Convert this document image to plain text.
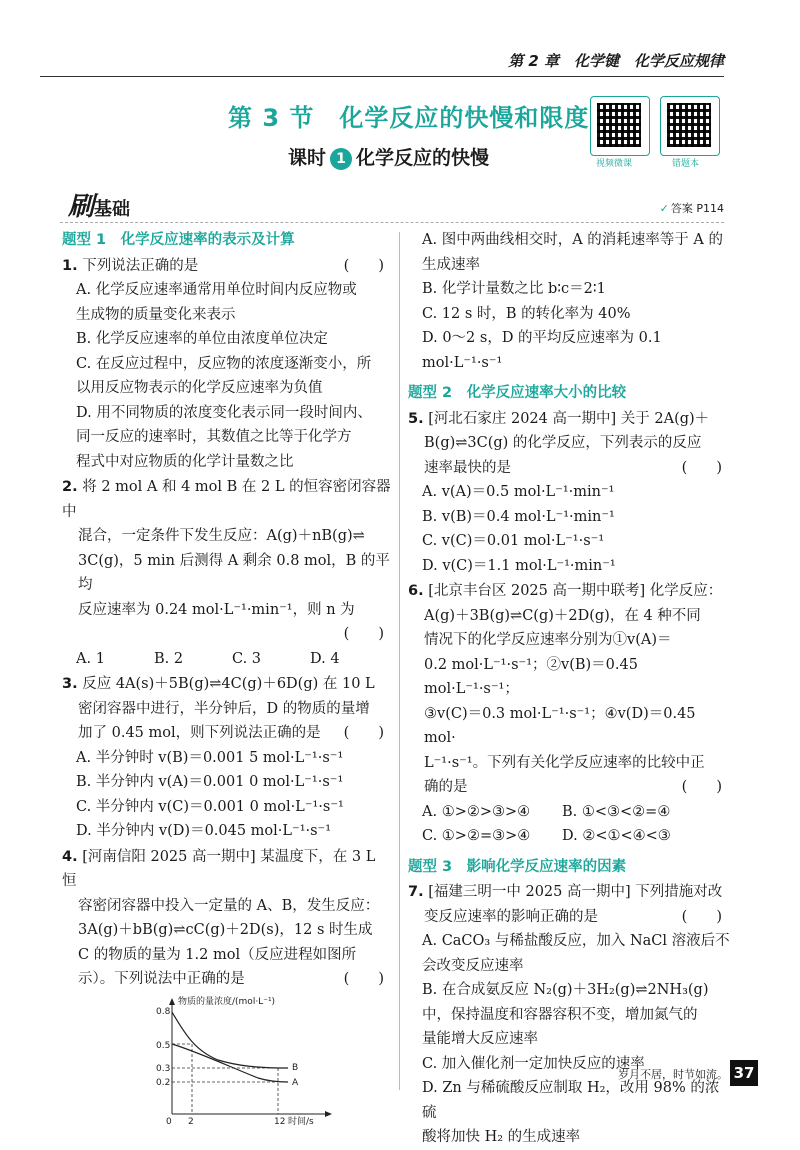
第 2 章　化学键　化学反应规律
第 3 节　化学反应的快慢和限度
课时 1 化学反应的快慢	视频微课	错题本
刷基础	✓ 答案 P114
题型 1　化学反应速率的表示及计算
1. 下列说法正确的是	(　　)
A. 化学反应速率通常用单位时间内反应物或
生成物的质量变化来表示
B. 化学反应速率的单位由浓度单位决定
C. 在反应过程中，反应物的浓度逐渐变小，所
以用反应物表示的化学反应速率为负值
D. 用不同物质的浓度变化表示同一段时间内、
同一反应的速率时，其数值之比等于化学方
程式中对应物质的化学计量数之比
2. 将 2 mol A 和 4 mol B 在 2 L 的恒容密闭容器中
混合，一定条件下发生反应：A(g)＋nB(g)⇌
3C(g)，5 min 后测得 A 剩余 0.8 mol，B 的平均
反应速率为 0.24 mol·L⁻¹·min⁻¹，则 n 为
(　　)

A. 1	B. 2	C. 3	D. 4
3. 反应 4A(s)＋5B(g)⇌4C(g)＋6D(g) 在 10 L
密闭容器中进行，半分钟后，D 的物质的量增
加了 0.45 mol，则下列说法正确的是 (　　)
A. 半分钟时 v(B)＝0.001 5 mol·L⁻¹·s⁻¹
B. 半分钟内 v(A)＝0.001 0 mol·L⁻¹·s⁻¹
C. 半分钟内 v(C)＝0.001 0 mol·L⁻¹·s⁻¹
D. 半分钟内 v(D)＝0.045 mol·L⁻¹·s⁻¹
4. [河南信阳 2025 高一期中] 某温度下，在 3 L 恒
容密闭容器中投入一定量的 A、B，发生反应：
3A(g)＋bB(g)⇌cC(g)＋2D(s)，12 s 时生成
C 的物质的量为 1.2 mol（反应进程如图所
示）。下列说法中正确的是	(　　)
物质的量浓度/(mol·L⁻¹)
时间/s
0.8
0.5
0.3
0.2
0 2	12
B
A
A. 图中两曲线相交时，A 的消耗速率等于 A 的
生成速率
B. 化学计量数之比 b∶c＝2∶1
C. 12 s 时，B 的转化率为 40%
D. 0～2 s，D 的平均反应速率为 0.1 mol·L⁻¹·s⁻¹
题型 2　化学反应速率大小的比较
5. [河北石家庄 2024 高一期中] 关于 2A(g)＋
B(g)⇌3C(g) 的化学反应，下列表示的反应
速率最快的是	(　　)
A. v(A)＝0.5 mol·L⁻¹·min⁻¹
B. v(B)＝0.4 mol·L⁻¹·min⁻¹
C. v(C)＝0.01 mol·L⁻¹·s⁻¹
D. v(C)＝1.1 mol·L⁻¹·min⁻¹
6. [北京丰台区 2025 高一期中联考] 化学反应：
A(g)＋3B(g)⇌C(g)＋2D(g)，在 4 种不同
情况下的化学反应速率分别为①v(A)＝
0.2 mol·L⁻¹·s⁻¹；②v(B)＝0.45 mol·L⁻¹·s⁻¹；
③v(C)＝0.3 mol·L⁻¹·s⁻¹；④v(D)＝0.45 mol·
L⁻¹·s⁻¹。下列有关化学反应速率的比较中正
确的是	(　　)
A. ①>②>③>④	B. ①<③<②=④
C. ①>②=③>④	D. ②<①<④<③
题型 3　影响化学反应速率的因素
7. [福建三明一中 2025 高一期中] 下列措施对改
变反应速率的影响正确的是	(　　)
A. CaCO₃ 与稀盐酸反应，加入 NaCl 溶液后不
会改变反应速率
B. 在合成氨反应 N₂(g)＋3H₂(g)⇌2NH₃(g)
中，保持温度和容器容积不变，增加氮气的
量能增大反应速率
C. 加入催化剂一定加快反应的速率
D. Zn 与稀硫酸反应制取 H₂，改用 98% 的浓硫
酸将加快 H₂ 的生成速率
岁月不居，时节如流。 37
